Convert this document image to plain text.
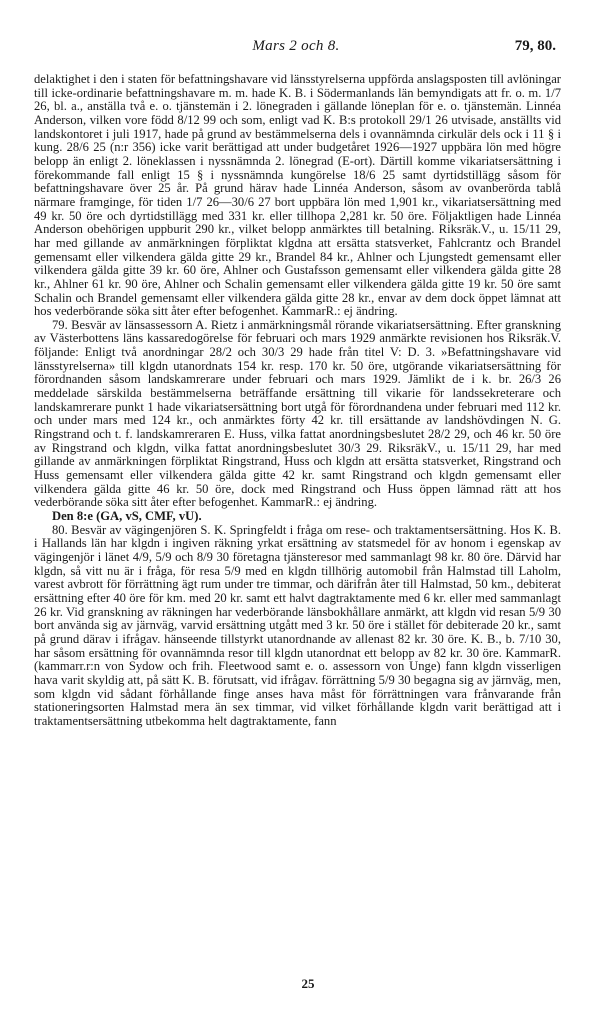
Mars 2 och 8.	79, 80.

delaktighet i den i staten för befattningshavare vid länsstyrelserna uppförda anslagsposten till avlöningar till icke-ordinarie befattningshavare m. m. hade K. B. i Södermanlands län bemyndigats att fr. o. m. 1/7 26, bl. a., anställa två e. o. tjänstemän i 2. lönegraden i gällande löneplan för e. o. tjänstemän. Linnéa Anderson, vilken vore född 8/12 99 och som, enligt vad K. B:s protokoll 29/1 26 utvisade, anställts vid landskontoret i juli 1917, hade på grund av bestämmelserna dels i ovannämnda cirkulär dels ock i 11 § i kung. 28/6 25 (n:r 356) icke varit berättigad att under budgetåret 1926—1927 uppbära lön med högre belopp än enligt 2. löneklassen i nyssnämnda 2. lönegrad (E-ort). Därtill komme vikariatsersättning i förekommande fall enligt 15 § i nyssnämnda kungörelse 18/6 25 samt dyrtidstillägg såsom för befattningshavare över 25 år. På grund härav hade Linnéa Anderson, såsom av ovanberörda tablå närmare framginge, för tiden 1/7 26—30/6 27 bort uppbära lön med 1,901 kr., vikariatsersättning med 49 kr. 50 öre och dyrtidstillägg med 331 kr. eller tillhopa 2,281 kr. 50 öre. Följaktligen hade Linnéa Anderson obehörigen uppburit 290 kr., vilket belopp anmärktes till betalning. Riksräk.V., u. 15/11 29, har med gillande av anmärkningen förpliktat klgdna att ersätta statsverket, Fahlcrantz och Brandel gemensamt eller vilkendera gälda gitte 29 kr., Brandel 84 kr., Ahlner och Ljungstedt gemensamt eller vilkendera gälda gitte 39 kr. 60 öre, Ahlner och Gustafsson gemensamt eller vilkendera gälda gitte 28 kr., Ahlner 61 kr. 90 öre, Ahlner och Schalin gemensamt eller vilkendera gälda gitte 19 kr. 50 öre samt Schalin och Brandel gemensamt eller vilkendera gälda gitte 28 kr., envar av dem dock öppet lämnat att hos vederbörande söka sitt åter efter befogenhet. KammarR.: ej ändring.

79. Besvär av länsassessorn A. Rietz i anmärkningsmål rörande vikariatsersättning. Efter granskning av Västerbottens läns kassaredogörelse för februari och mars 1929 anmärkte revisionen hos Riksräk.V. följande: Enligt två anordningar 28/2 och 30/3 29 hade från titel V: D. 3. »Befattningshavare vid länsstyrelserna» till klgdn utanordnats 154 kr. resp. 170 kr. 50 öre, utgörande vikariatsersättning för förordnanden såsom landskamrerare under februari och mars 1929. Jämlikt de i k. br. 26/3 26 meddelade särskilda bestämmelserna beträffande ersättning till vikarie för landssekreterare och landskamrerare punkt 1 hade vikariatsersättning bort utgå för förordnandena under februari med 112 kr. och under mars med 124 kr., och anmärktes förty 42 kr. till ersättande av landshövdingen N. G. Ringstrand och t. f. landskamreraren E. Huss, vilka fattat anordningsbeslutet 28/2 29, och 46 kr. 50 öre av Ringstrand och klgdn, vilka fattat anordningsbeslutet 30/3 29. RiksräkV., u. 15/11 29, har med gillande av anmärkningen förpliktat Ringstrand, Huss och klgdn att ersätta statsverket, Ringstrand och Huss gemensamt eller vilkendera gälda gitte 42 kr. samt Ringstrand och klgdn gemensamt eller vilkendera gälda gitte 46 kr. 50 öre, dock med Ringstrand och Huss öppen lämnad rätt att hos vederbörande söka sitt åter efter befogenhet. KammarR.: ej ändring.

Den 8:e (GA, vS, CMF, vU).

80. Besvär av vägingenjören S. K. Springfeldt i fråga om rese- och traktamentsersättning. Hos K. B. i Hallands län har klgdn i ingiven räkning yrkat ersättning av statsmedel för av honom i egenskap av vägingenjör i länet 4/9, 5/9 och 8/9 30 företagna tjänsteresor med sammanlagt 98 kr. 80 öre. Därvid har klgdn, så vitt nu är i fråga, för resa 5/9 med en klgdn tillhörig automobil från Halmstad till Laholm, varest avbrott för förrättning ägt rum under tre timmar, och därifrån åter till Halmstad, 50 km., debiterat ersättning efter 40 öre för km. med 20 kr. samt ett halvt dagtraktamente med 6 kr. eller med sammanlagt 26 kr. Vid granskning av räkningen har vederbörande länsbokhållare anmärkt, att klgdn vid resan 5/9 30 bort använda sig av järnväg, varvid ersättning utgått med 3 kr. 50 öre i stället för debiterade 20 kr., samt på grund därav i ifrågav. hänseende tillstyrkt utanordnande av allenast 82 kr. 30 öre. K. B., b. 7/10 30, har såsom ersättning för ovannämnda resor till klgdn utanordnat ett belopp av 82 kr. 30 öre. KammarR. (kammarr.r:n von Sydow och frih. Fleetwood samt e. o. assessorn von Unge) fann klgdn visserligen hava varit skyldig att, på sätt K. B. förutsatt, vid ifrågav. förrättning 5/9 30 begagna sig av järnväg, men, som klgdn vid sådant förhållande finge anses hava måst för förrättningen vara frånvarande från stationeringsorten Halmstad mera än sex timmar, vid vilket förhållande klgdn varit berättigad att i traktamentsersättning utbekomma helt dagtraktamente, fann

25
